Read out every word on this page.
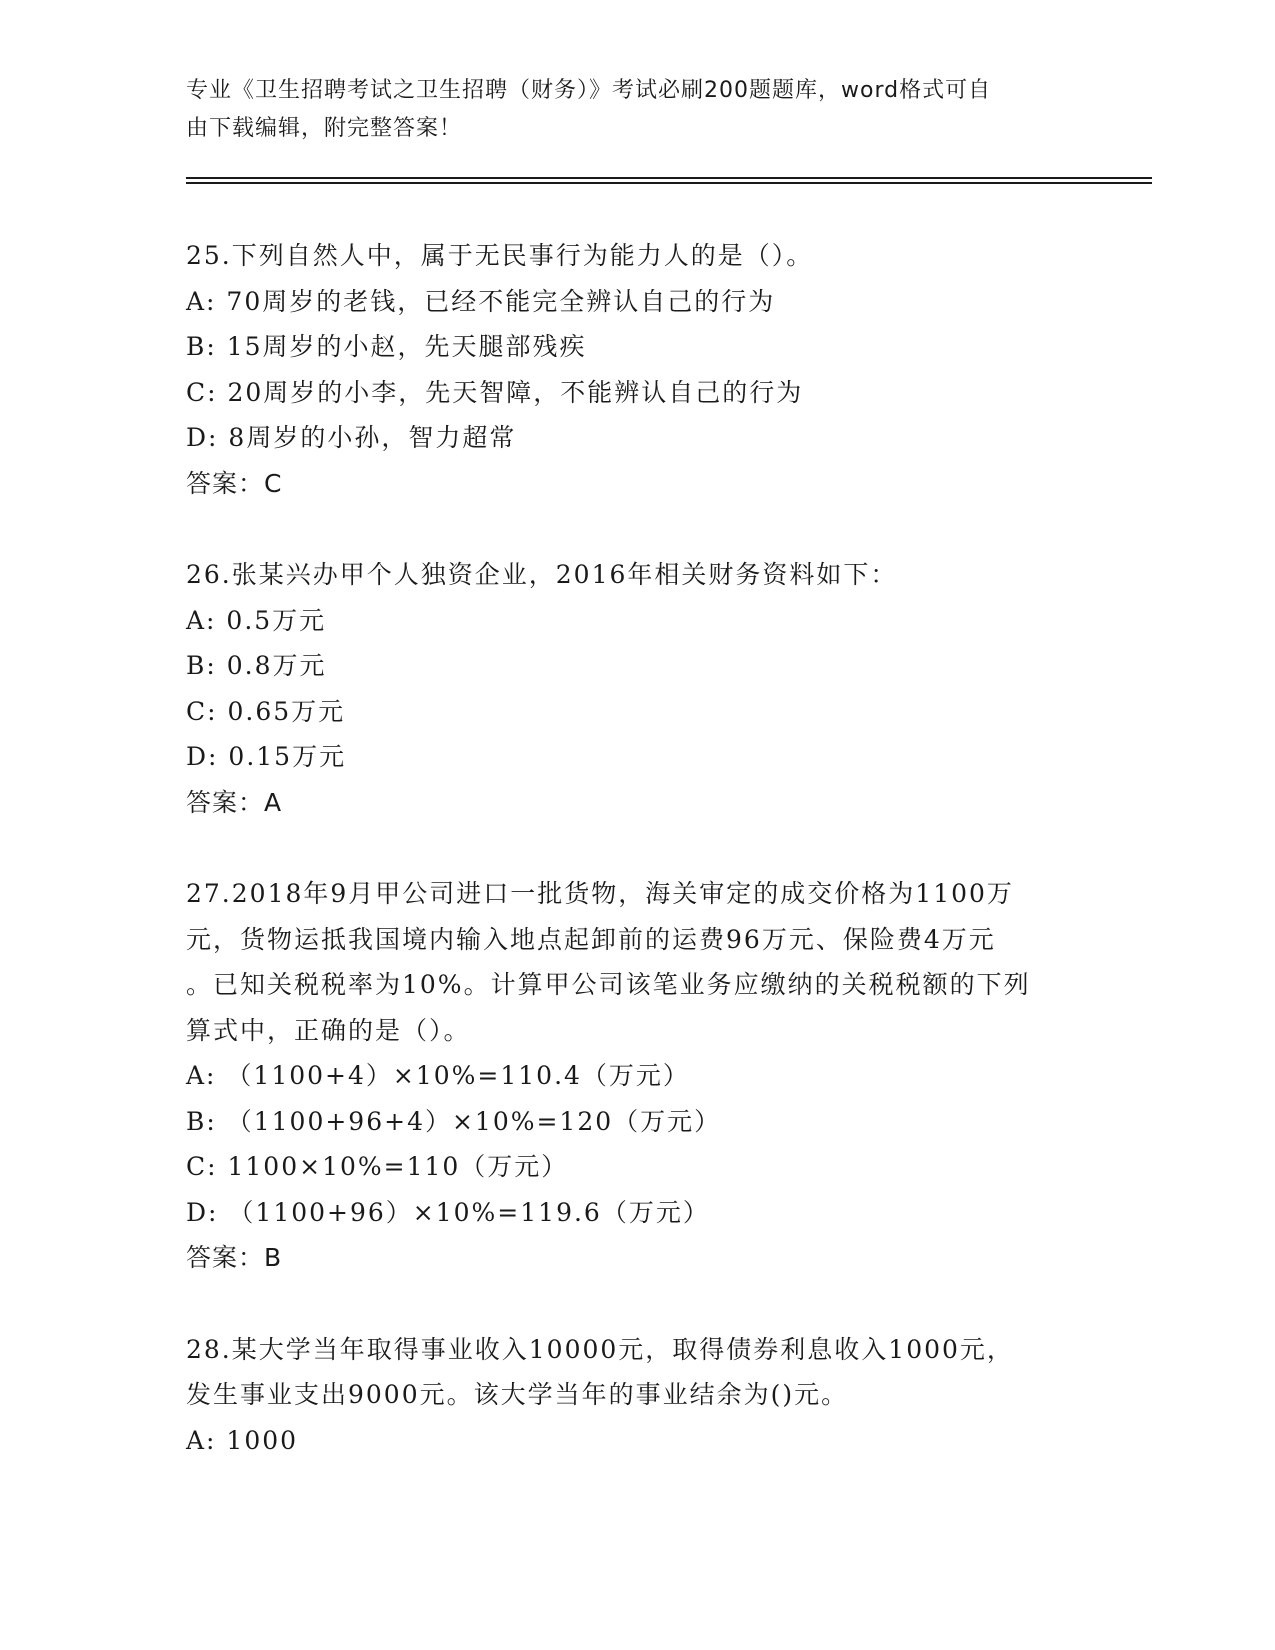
专业《卫生招聘考试之卫生招聘（财务）》考试必刷200题题库，word格式可自
由下载编辑，附完整答案！
25.下列自然人中，属于无民事行为能力人的是（）。
A: 70周岁的老钱，已经不能完全辨认自己的行为
B: 15周岁的小赵，先天腿部残疾
C: 20周岁的小李，先天智障，不能辨认自己的行为
D: 8周岁的小孙，智力超常
答案：C
26.张某兴办甲个人独资企业，2016年相关财务资料如下：
A: 0.5万元
B: 0.8万元
C: 0.65万元
D: 0.15万元
答案：A
27.2018年9月甲公司进口一批货物，海关审定的成交价格为1100万
元，货物运抵我国境内输入地点起卸前的运费96万元、保险费4万元
。已知关税税率为10%。计算甲公司该笔业务应缴纳的关税税额的下列
算式中，正确的是（）。
A: （1100+4）×10%=110.4（万元）
B: （1100+96+4）×10%=120（万元）
C: 1100×10%=110（万元）
D: （1100+96）×10%=119.6（万元）
答案：B
28.某大学当年取得事业收入10000元，取得债券利息收入1000元，
发生事业支出9000元。该大学当年的事业结余为()元。
A: 1000
